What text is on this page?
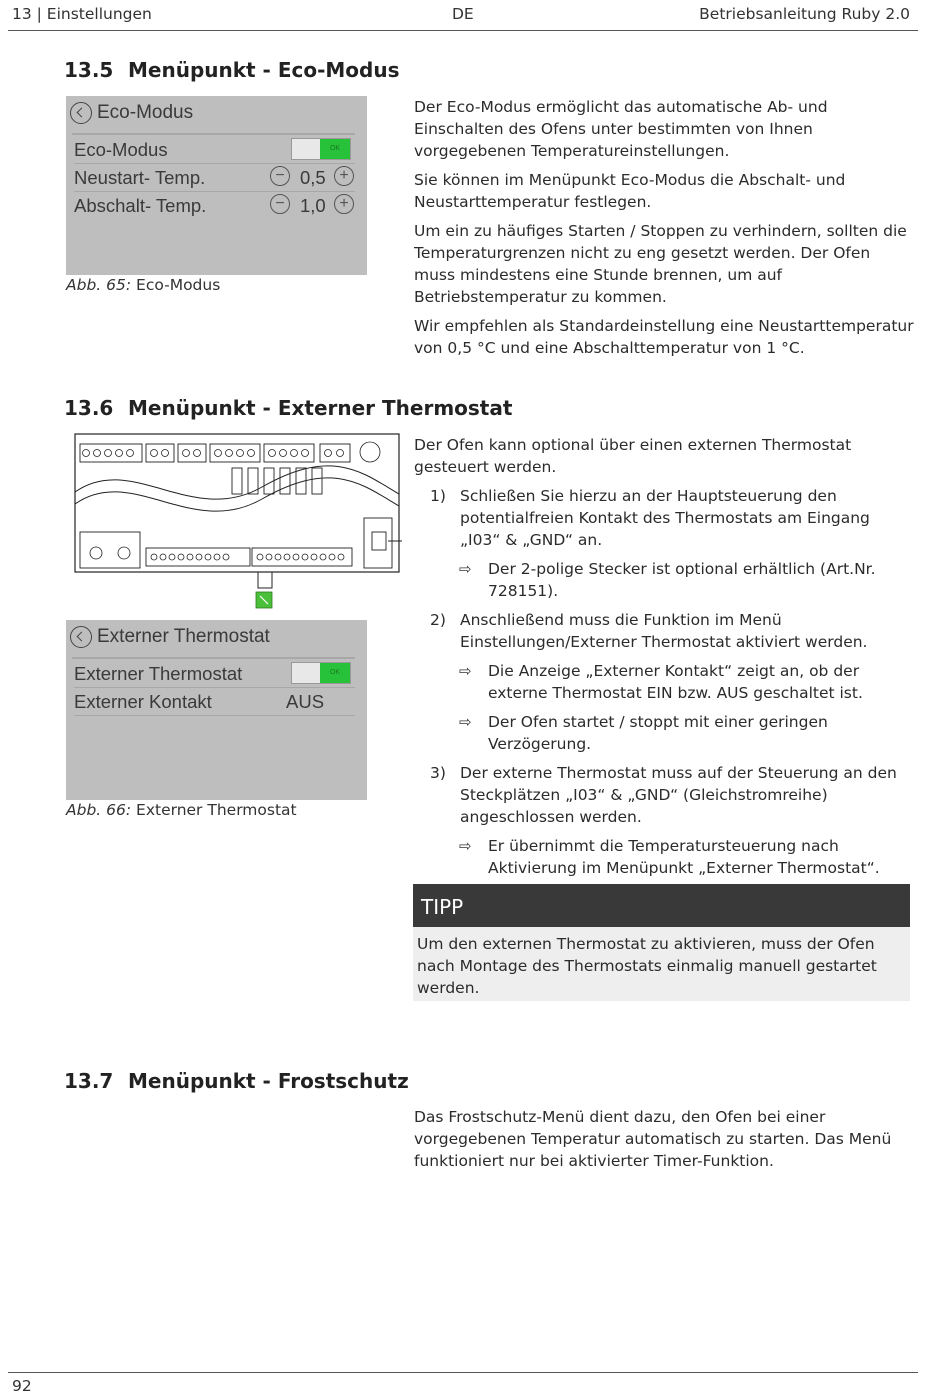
13 | Einstellungen	DE	Betriebsanleitung Ruby 2.0
13.5 Menüpunkt - Eco-Modus
Eco-Modus
Eco-Modus	OK
Neustart- Temp.	− 0,5 +
Abschalt- Temp.	− 1,0 +
Abb. 65: Eco-Modus

Der Eco-Modus ermöglicht das automatische Ab- und Einschalten des Ofens unter bestimmten von Ihnen vorgegebenen Temperatureinstellungen.

Sie können im Menüpunkt Eco-Modus die Abschalt- und Neustarttemperatur festlegen.

Um ein zu häufiges Starten / Stoppen zu verhindern, sollten die Temperaturgrenzen nicht zu eng gesetzt werden. Der Ofen muss mindestens eine Stunde brennen, um auf Betriebstemperatur zu kommen.

Wir empfehlen als Standardeinstellung eine Neustarttemperatur von 0,5 °C und eine Abschalttemperatur von 1 °C.

13.6 Menüpunkt - Externer Thermostat
Externer Thermostat
Externer Thermostat	OK
Externer Kontakt	AUS
Abb. 66: Externer Thermostat

Der Ofen kann optional über einen externen Thermostat gesteuert werden.

1) Schließen Sie hierzu an der Hauptsteuerung den potentialfreien Kontakt des Thermostats am Eingang „I03“ & „GND“ an.
⇨ Der 2-polige Stecker ist optional erhältlich (Art.Nr. 728151).
2) Anschließend muss die Funktion im Menü Einstellungen/Externer Thermostat aktiviert werden.
⇨ Die Anzeige „Externer Kontakt“ zeigt an, ob der externe Thermostat EIN bzw. AUS geschaltet ist.
⇨ Der Ofen startet / stoppt mit einer geringen Verzögerung.
3) Der externe Thermostat muss auf der Steuerung an den Steckplätzen „I03“ & „GND“ (Gleichstromreihe) angeschlossen werden.
⇨ Er übernimmt die Temperatursteuerung nach Aktivierung im Menüpunkt „Externer Thermostat“.
TIPP
Um den externen Thermostat zu aktivieren, muss der Ofen nach Montage des Thermostats einmalig manuell gestartet werden.
13.7 Menüpunkt - Frostschutz

Das Frostschutz-Menü dient dazu, den Ofen bei einer vorgegebenen Temperatur automatisch zu starten. Das Menü funktioniert nur bei aktivierter Timer-Funktion.

92
